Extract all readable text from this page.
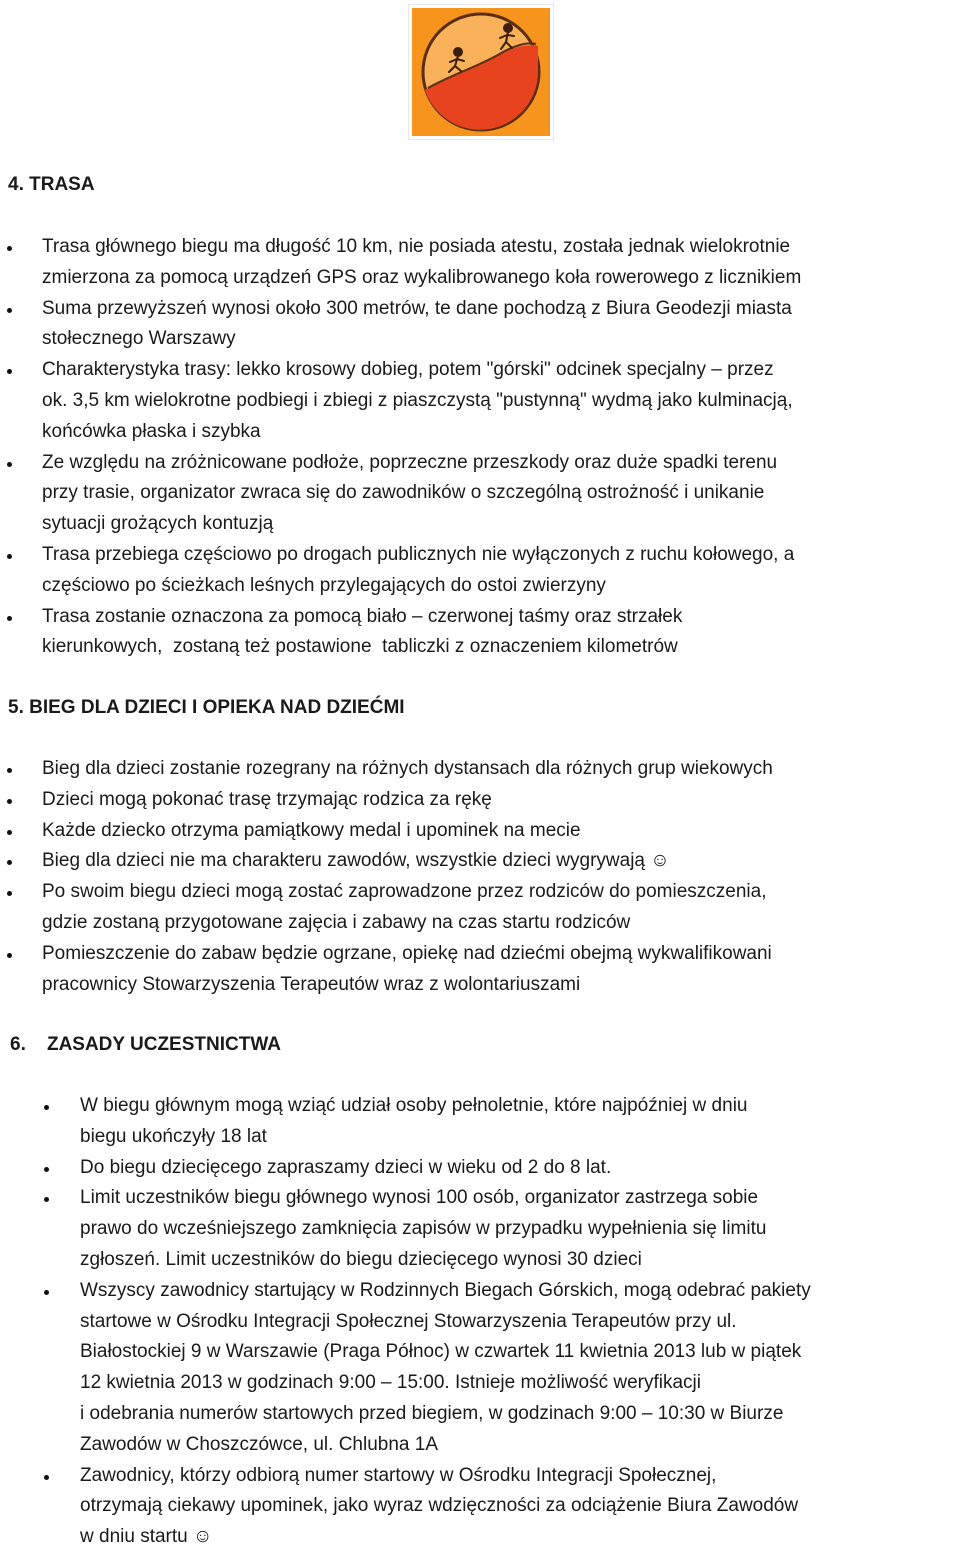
4. TRASA
Trasa głównego biegu ma długość 10 km, nie posiada atestu, została jednak wielokrotnie
zmierzona za pomocą urządzeń GPS oraz wykalibrowanego koła rowerowego z licznikiem
Suma przewyższeń wynosi około 300 metrów, te dane pochodzą z Biura Geodezji miasta
stołecznego Warszawy
Charakterystyka trasy: lekko krosowy dobieg, potem "górski" odcinek specjalny – przez
ok. 3,5 km wielokrotne podbiegi i zbiegi z piaszczystą "pustynną" wydmą jako kulminacją,
końcówka płaska i szybka
Ze względu na zróżnicowane podłoże, poprzeczne przeszkody oraz duże spadki terenu
przy trasie, organizator zwraca się do zawodników o szczególną ostrożność i unikanie
sytuacji grożących kontuzją
Trasa przebiega częściowo po drogach publicznych nie wyłączonych z ruchu kołowego, a
częściowo po ścieżkach leśnych przylegających do ostoi zwierzyny
Trasa zostanie oznaczona za pomocą biało – czerwonej taśmy oraz strzałek
kierunkowych,  zostaną też postawione  tabliczki z oznaczeniem kilometrów
5. BIEG DLA DZIECI I OPIEKA NAD DZIEĆMI
Bieg dla dzieci zostanie rozegrany na różnych dystansach dla różnych grup wiekowych
Dzieci mogą pokonać trasę trzymając rodzica za rękę
Każde dziecko otrzyma pamiątkowy medal i upominek na mecie
Bieg dla dzieci nie ma charakteru zawodów, wszystkie dzieci wygrywają ☺
Po swoim biegu dzieci mogą zostać zaprowadzone przez rodziców do pomieszczenia,
gdzie zostaną przygotowane zajęcia i zabawy na czas startu rodziców
Pomieszczenie do zabaw będzie ogrzane, opiekę nad dziećmi obejmą wykwalifikowani
pracownicy Stowarzyszenia Terapeutów wraz z wolontariuszami
6.    ZASADY UCZESTNICTWA
W biegu głównym mogą wziąć udział osoby pełnoletnie, które najpóźniej w dniu
biegu ukończyły 18 lat
Do biegu dziecięcego zapraszamy dzieci w wieku od 2 do 8 lat.
Limit uczestników biegu głównego wynosi 100 osób, organizator zastrzega sobie
prawo do wcześniejszego zamknięcia zapisów w przypadku wypełnienia się limitu
zgłoszeń. Limit uczestników do biegu dziecięcego wynosi 30 dzieci
Wszyscy zawodnicy startujący w Rodzinnych Biegach Górskich, mogą odebrać pakiety
startowe w Ośrodku Integracji Społecznej Stowarzyszenia Terapeutów przy ul.
Białostockiej 9 w Warszawie (Praga Północ) w czwartek 11 kwietnia 2013 lub w piątek
12 kwietnia 2013 w godzinach 9:00 – 15:00. Istnieje możliwość weryfikacji
i odebrania numerów startowych przed biegiem, w godzinach 9:00 – 10:30 w Biurze
Zawodów w Choszczówce, ul. Chlubna 1A
Zawodnicy, którzy odbiorą numer startowy w Ośrodku Integracji Społecznej,
otrzymają ciekawy upominek, jako wyraz wdzięczności za odciążenie Biura Zawodów
w dniu startu ☺
